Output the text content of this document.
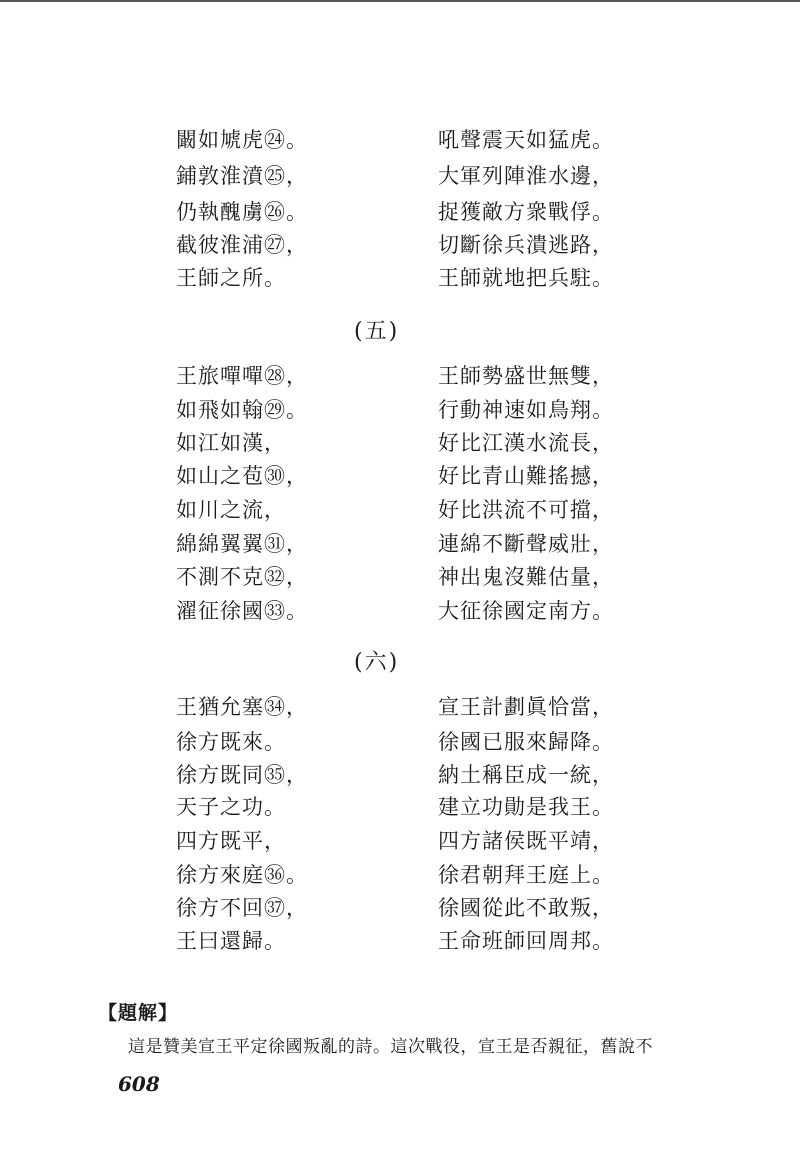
闞如虓虎㉔。	吼聲震天如猛虎。
鋪敦淮濆㉕，	大軍列陣淮水邊，
仍執醜虜㉖。	捉獲敵方衆戰俘。
截彼淮浦㉗，	切斷徐兵潰逃路，
王師之所。	王師就地把兵駐。
(五)
王旅嘽嘽㉘，	王師勢盛世無雙，
如飛如翰㉙。	行動神速如鳥翔。
如江如漢，	好比江漢水流長，
如山之苞㉚，	好比青山難搖撼，
如川之流，	好比洪流不可擋，
綿綿翼翼㉛，	連綿不斷聲威壯，
不測不克㉜，	神出鬼沒難估量，
濯征徐國㉝。	大征徐國定南方。
(六)
王猶允塞㉞，	宣王計劃眞恰當，
徐方既來。	徐國已服來歸降。
徐方既同㉟，	納土稱臣成一統，
天子之功。	建立功勛是我王。
四方既平，	四方諸侯既平靖，
徐方來庭㊱。	徐君朝拜王庭上。
徐方不回㊲，	徐國從此不敢叛，
王曰還歸。	王命班師回周邦。
【題解】
這是贊美宣王平定徐國叛亂的詩。這次戰役，宣王是否親征，舊說不
608
